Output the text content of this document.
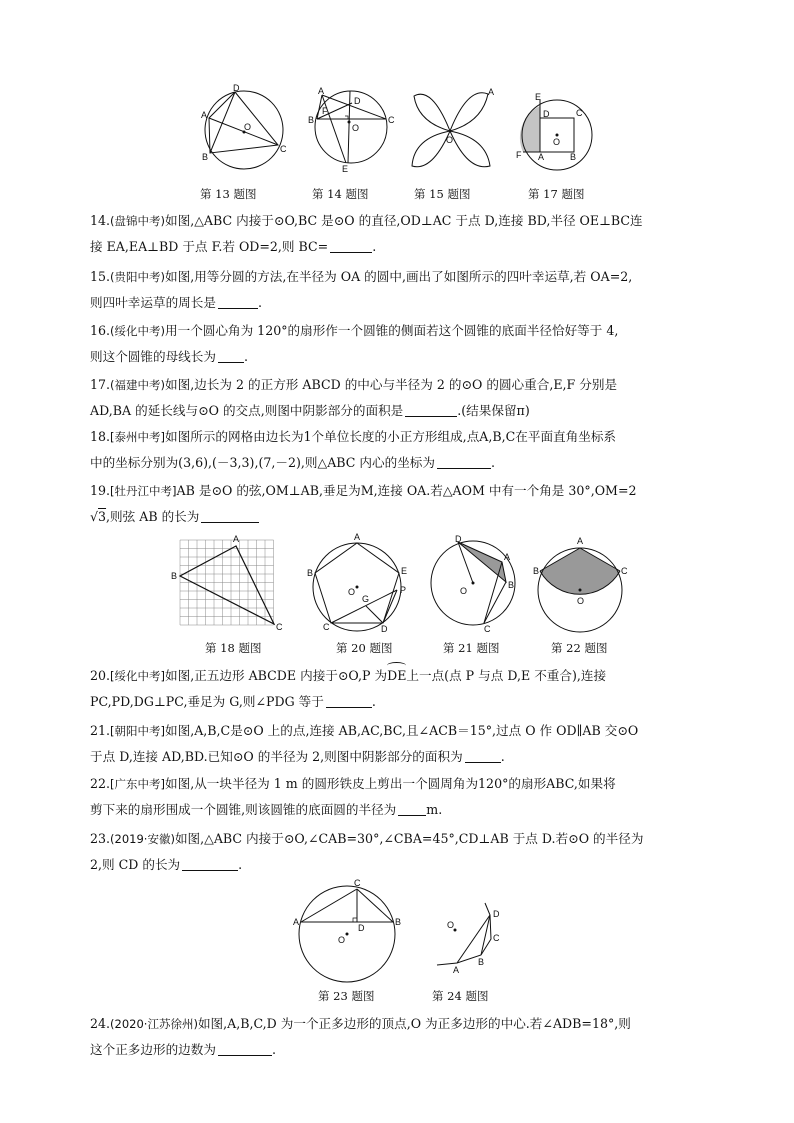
D
A
O
B
C
A
D
F
B
O
C
E
A
O
E
D
O
F A	B
C
第 13 题图	第 14 题图	第 15 题图	第 17 题图

14.(盘锦中考)如图,△ABC 内接于⊙O,BC 是⊙O 的直径,OD⊥AC 于点 D,连接 BD,半径 OE⊥BC连
接 EA,EA⊥BD 于点 F.若 OD=2,则 BC=	.

15.(贵阳中考)如图,用等分圆的方法,在半径为 OA 的圆中,画出了如图所示的四叶幸运草,若 OA=2,
则四叶幸运草的周长是	.

16.(绥化中考)用一个圆心角为 120°的扇形作一个圆锥的侧面若这个圆锥的底面半径恰好等于 4,
则这个圆锥的母线长为 .

17.(福建中考)如图,边长为 2 的正方形 ABCD 的中心与半径为 2 的⊙O 的圆心重合,E,F 分别是
AD,BA 的延长线与⊙O 的交点,则图中阴影部分的面积是	.(结果保留π)

18.[泰州中考]如图所示的网格由边长为1个单位长度的小正方形组成,点A,B,C在平面直角坐标系
中的坐标分别为(3,6),(－3,3),(7,－2),则△ABC 内心的坐标为	.

19.[牡丹江中考]AB 是⊙O 的弦,OM⊥AB,垂足为M,连接 OA.若△AOM 中有一个角是 30°,OM=2
√3,则弦 AB 的长为

A
B
C
A
B	E
O
G
P
C	D
D
A
O
B
C
A
B	C
O
第 18 题图	第 20 题图	第 21 题图	第 22 题图

20.[绥化中考]如图,正五边形 ABCDE 内接于⊙O,P 为DE上一点(点 P 与点 D,E 不重合),连接
PC,PD,DG⊥PC,垂足为 G,则∠PDG 等于	.

21.[朝阳中考]如图,A,B,C是⊙O 上的点,连接 AB,AC,BC,且∠ACB＝15°,过点 O 作 OD∥AB 交⊙O
于点 D,连接 AD,BD.已知⊙O 的半径为 2,则图中阴影部分的面积为	.

22.[广东中考]如图,从一块半径为 1 m 的圆形铁皮上剪出一个圆周角为120°的扇形ABC,如果将
剪下来的扇形围成一个圆锥,则该圆锥的底面圆的半径为 m.

23.(2019·安徽)如图,△ABC 内接于⊙O,∠CAB=30°,∠CBA=45°,CD⊥AB 于点 D.若⊙O 的半径为
2,则 CD 的长为	.

C
A
D
B
O
O
D
C
A
B
第 23 题图	第 24 题图

24.(2020·江苏徐州)如图,A,B,C,D 为一个正多边形的顶点,O 为正多边形的中心.若∠ADB=18°,则
这个正多边形的边数为	.
